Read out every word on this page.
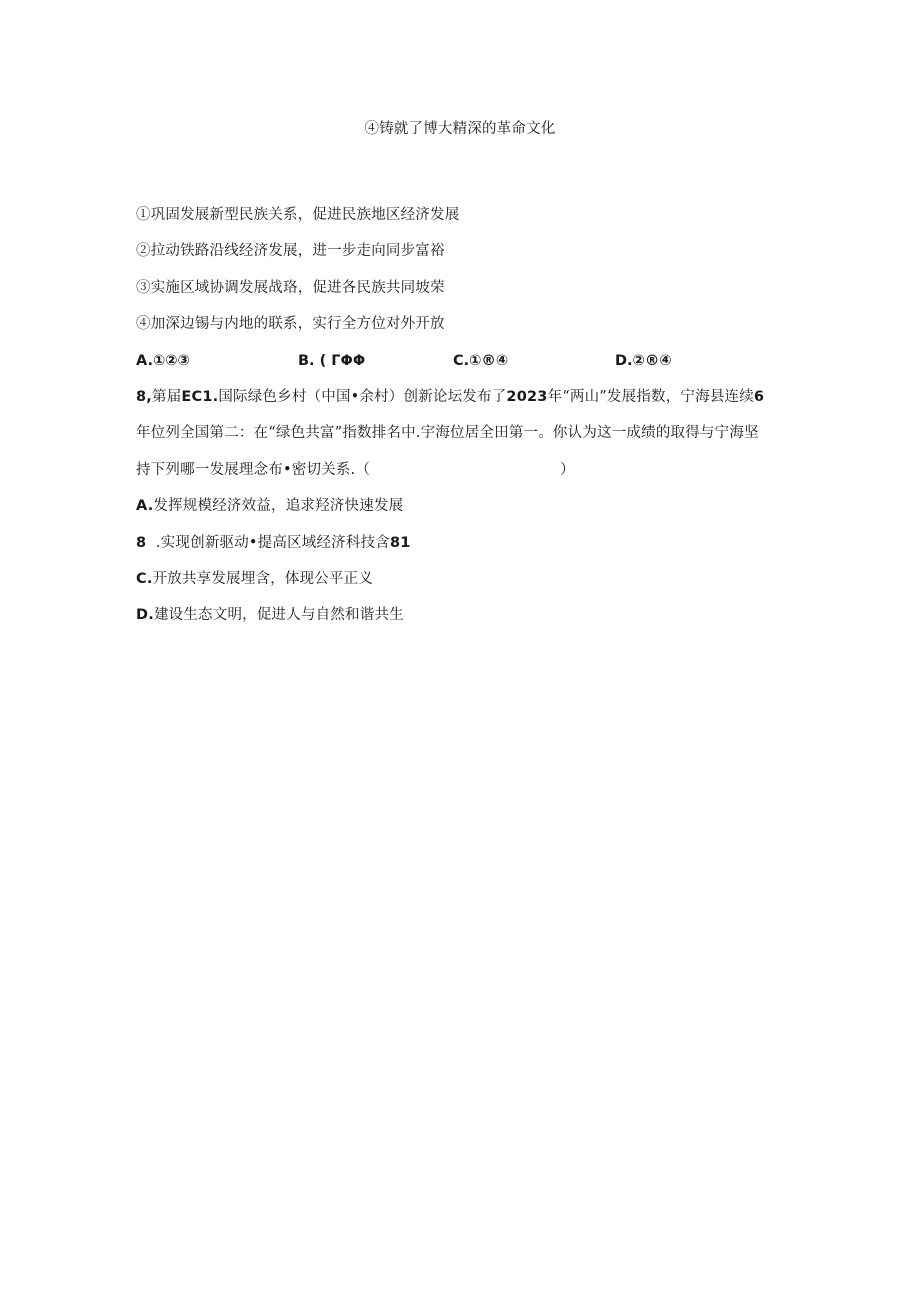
④铸就了博大精深的革命文化
①巩固发展新型民族关系，促进民族地区经济发展
②拉动铁路沿线经济发展，进一步走向同步富裕
③实施区域协调发展战珞，促进各民族共同坡荣
④加深边锡与内地的联系，实行全方位对外开放
A.①②③	B. ( ΓΦΦ	C.①®④	D.②®④
8,第届EC1.国际绿色乡村（中国•余村）创新论坛发布了2023年“两山”发展指数，宁海县连续6
年位列全国第二：在“绿色共富”指数排名中.宇海位居全田第一。你认为这一成绩的取得与宁海坚
持下列哪一发展理念布•密切关系.（	）
A.发挥规模经济效益，追求羟济快速发展
8  .实现创新驱动•提高区域经济科技含81
C.开放共享发展埋含，体现公平正义
D.建设生态文明，促进人与自然和谐共生
